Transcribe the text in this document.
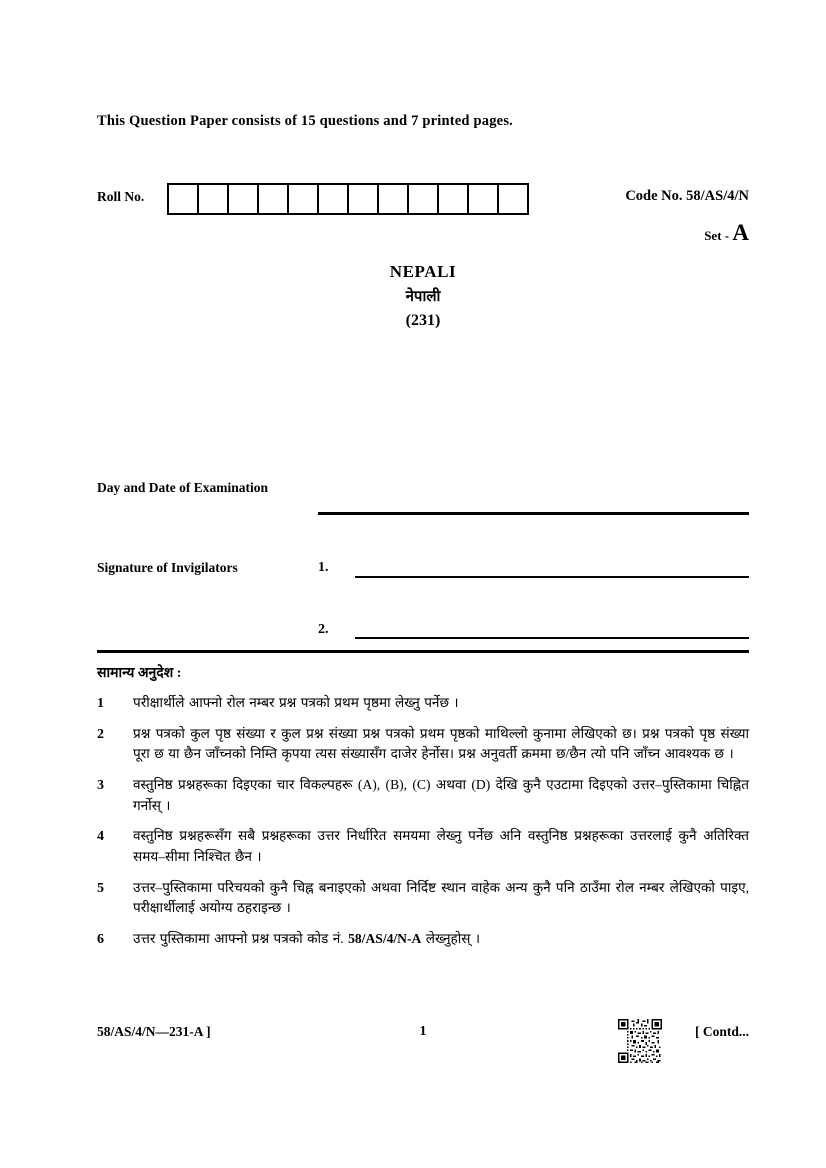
This Question Paper consists of 15 questions and 7 printed pages.
Roll No.	Code No. 58/AS/4/N
Set - A
NEPALI
नेपाली
(231)
Day and Date of Examination
Signature of Invigilators	1.
2.
सामान्य अनुदेश :
1 परीक्षार्थीले आफ्नो रोल नम्बर प्रश्न पत्रको प्रथम पृष्ठमा लेख्नु पर्नेछ ।
2 प्रश्न पत्रको कुल पृष्ठ संख्या र कुल प्रश्न संख्या प्रश्न पत्रको प्रथम पृष्ठको माथिल्लो कुनामा लेखिएको छ। प्रश्न पत्रको पृष्ठ संख्या पूरा छ या छैन जाँच्नको निम्ति कृपया त्यस संख्यासँग दाजेर हेर्नोस। प्रश्न अनुवर्ती क्रममा छ/छैन त्यो पनि जाँच्न आवश्यक छ ।
3 वस्तुनिष्ठ प्रश्नहरूका दिइएका चार विकल्पहरू (A), (B), (C) अथवा (D) देखि कुनै एउटामा दिइएको उत्तर–पुस्तिकामा चिह्नित गर्नोस् ।
4 वस्तुनिष्ठ प्रश्नहरूसँग सबै प्रश्नहरूका उत्तर निर्धारित समयमा लेख्नु पर्नेछ अनि वस्तुनिष्ठ प्रश्नहरूका उत्तरलाई कुनै अतिरिक्त समय–सीमा निश्चित छैन ।
5 उत्तर–पुस्तिकामा परिचयको कुनै चिह्न बनाइएको अथवा निर्दिष्ट स्थान वाहेक अन्य कुनै पनि ठाउँमा रोल नम्बर लेखिएको पाइए, परीक्षार्थीलाई अयोग्य ठहराइन्छ ।
6 उत्तर पुस्तिकामा आफ्नो प्रश्न पत्रको कोड नं. 58/AS/4/N-A लेख्नुहोस् ।
58/AS/4/N—231-A ]	1	[ Contd...
